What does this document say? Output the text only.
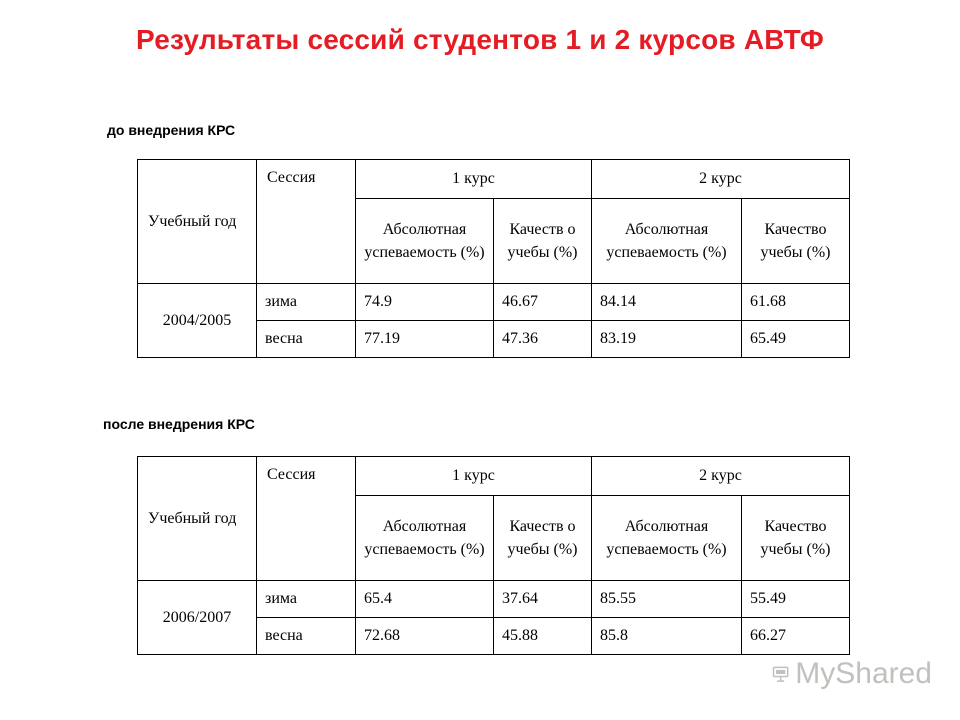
Результаты сессий студентов 1 и 2 курсов АВТФ
до внедрения КРС
Учебный год	Сессия	1 курс		2 курс	
		Абсолютная успеваемость (%)	Качеств о учебы (%)	Абсолютная успеваемость (%)	Качество учебы (%)
2004/2005	зима	74.9	46.67	84.14	61.68
	весна	77.19	47.36	83.19	65.49
после внедрения КРС
Учебный год	Сессия	1 курс		2 курс	
		Абсолютная успеваемость (%)	Качеств о учебы (%)	Абсолютная успеваемость (%)	Качество учебы (%)
2006/2007	зима	65.4	37.64	85.55	55.49
	весна	72.68	45.88	85.8	66.27
MyShared
